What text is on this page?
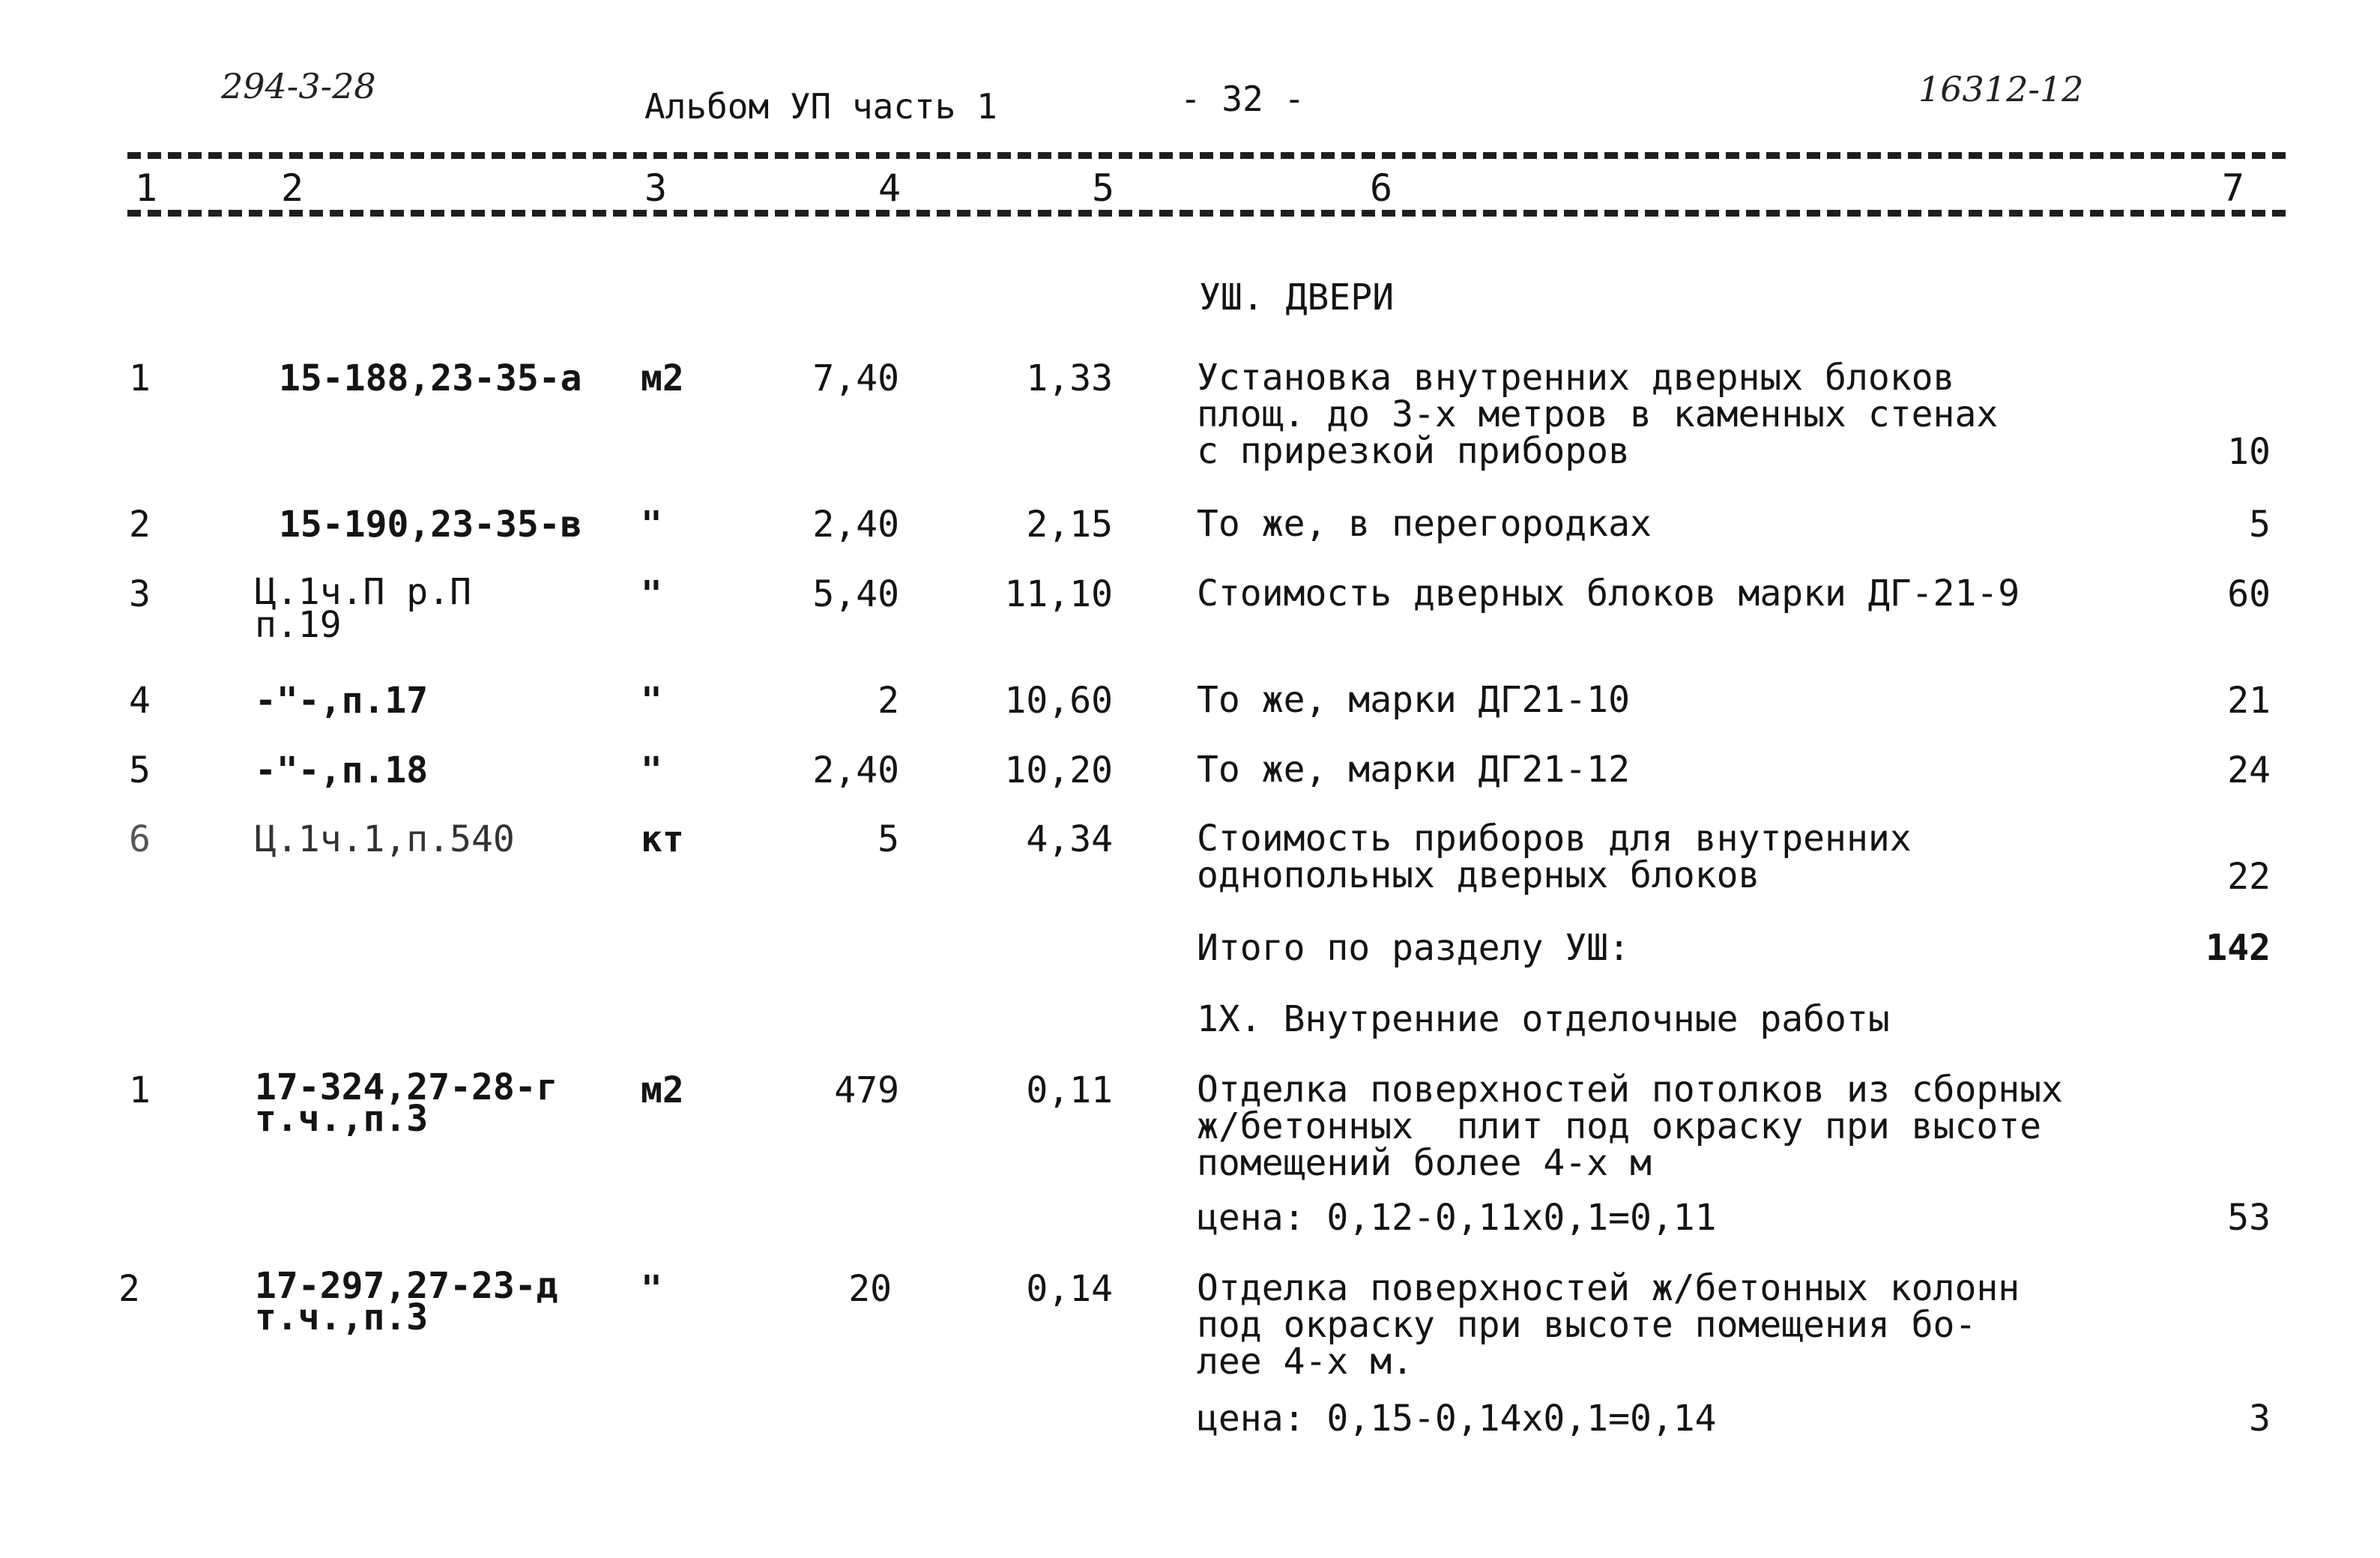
294-3-28	Альбом УП часть 1	- 32 -	16312-12
1	2	3	4	5	6	7
УШ. ДВЕРИ
1	15-188,23-35-а м2	7,40	1,33 Установка внутренних дверных блоков
площ. до 3-х метров в каменных стенах
с прирезкой приборов	10
2	15-190,23-35-в "	2,40	2,15 То же, в перегородках	5
3	Ц.1ч.П р.П
п.19
"	5,40	11,10 Стоимость дверных блоков марки ДГ-21-9	60
4	-"-,п.17	"	2	10,60 То же, марки ДГ21-10	21
5	-"-,п.18	"	2,40	10,20 То же, марки ДГ21-12	24
6	Ц.1ч.1,п.540	кт	5	4,34 Стоимость приборов для внутренних
однопольных дверных блоков	22
Итого по разделу УШ:	142
1Х. Внутренние отделочные работы
1	17-324,27-28-г
т.ч.,п.3
м2	479	0,11 Отделка поверхностей потолков из сборных
ж/бетонных  плит под окраску при высоте
помещений более 4-х м
цена: 0,12-0,11х0,1=0,11	53
2	17-297,27-23-д
т.ч.,п.3
"	20	0,14 Отделка поверхностей ж/бетонных колонн
под окраску при высоте помещения бо-
лее 4-х м.
цена: 0,15-0,14х0,1=0,14	3
